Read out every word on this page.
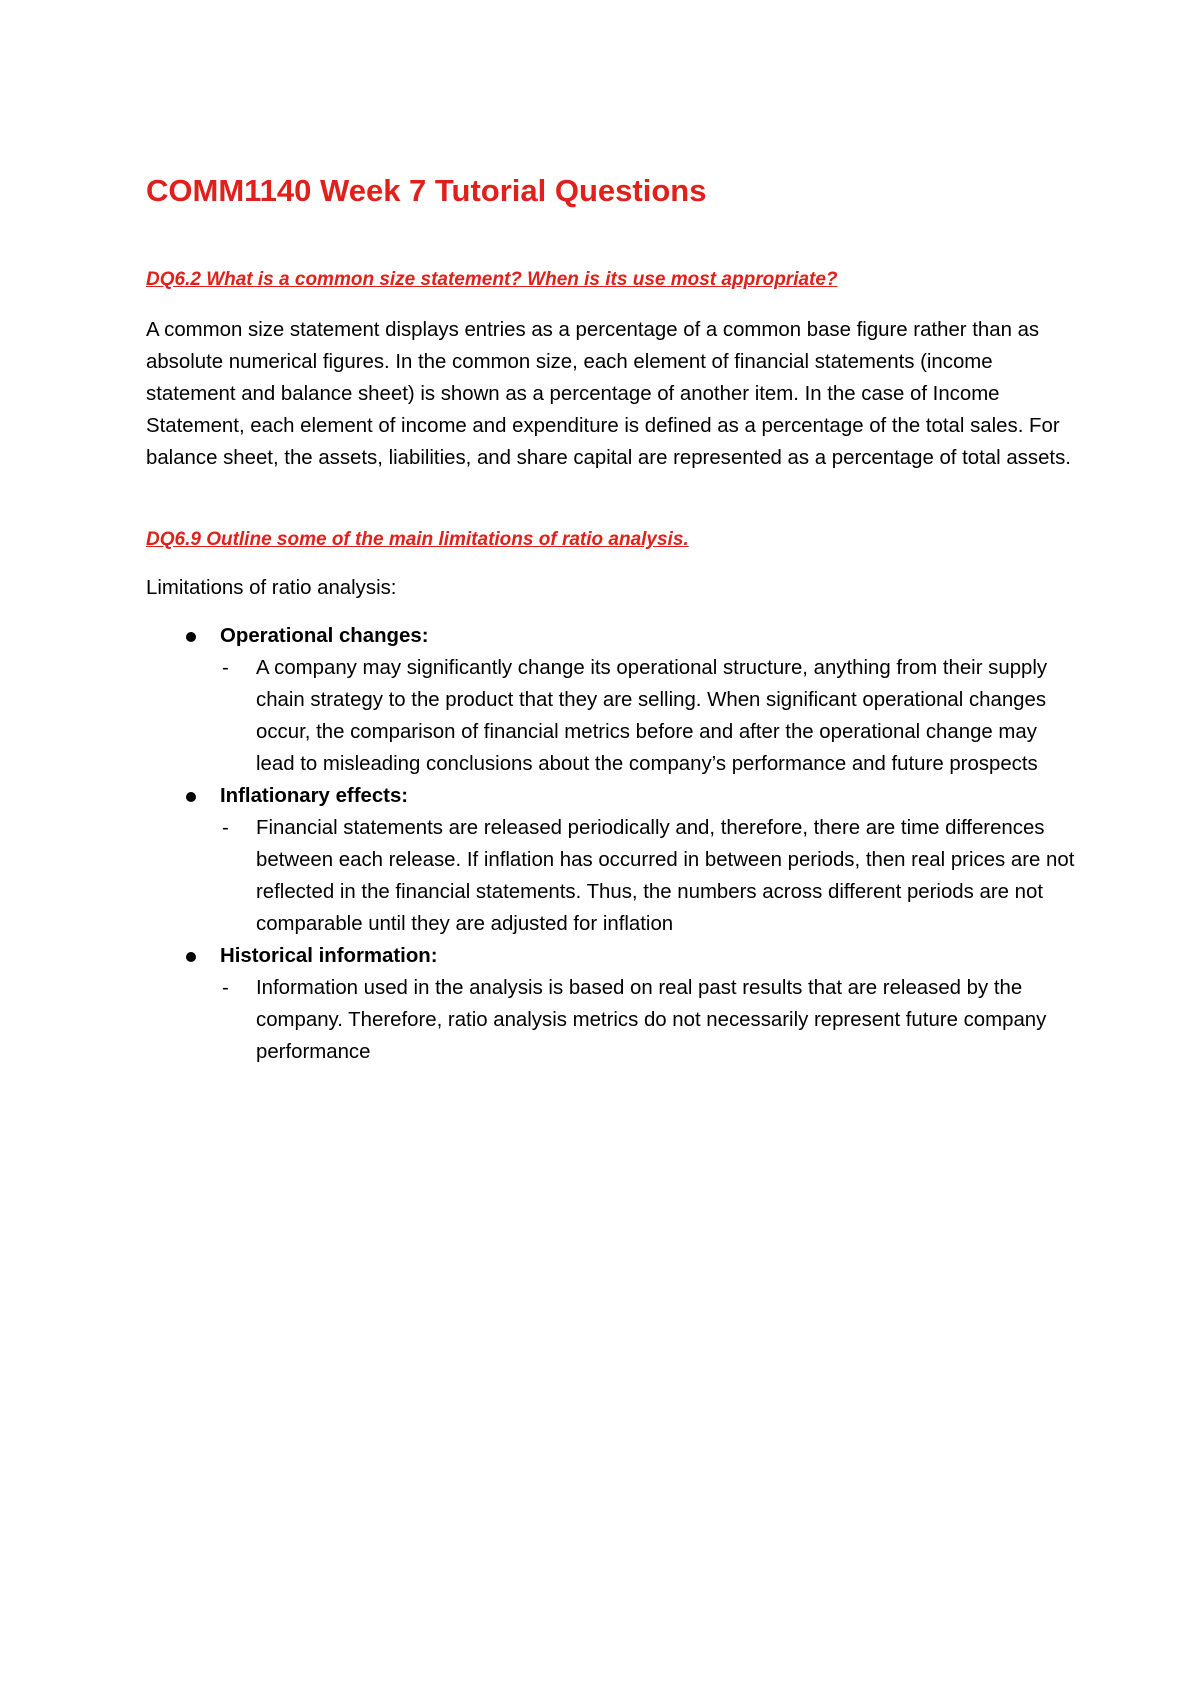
COMM1140 Week 7 Tutorial Questions

DQ6.2 What is a common size statement? When is its use most appropriate?

A common size statement displays entries as a percentage of a common base figure rather than as absolute numerical figures. In the common size, each element of financial statements (income statement and balance sheet) is shown as a percentage of another item. In the case of Income Statement, each element of income and expenditure is defined as a percentage of the total sales. For balance sheet, the assets, liabilities, and share capital are represented as a percentage of total assets.

DQ6.9 Outline some of the main limitations of ratio analysis.

Limitations of ratio analysis:

Operational changes:
- A company may significantly change its operational structure, anything from their supply chain strategy to the product that they are selling. When significant operational changes occur, the comparison of financial metrics before and after the operational change may lead to misleading conclusions about the company’s performance and future prospects
Inflationary effects:
- Financial statements are released periodically and, therefore, there are time differences between each release. If inflation has occurred in between periods, then real prices are not reflected in the financial statements. Thus, the numbers across different periods are not comparable until they are adjusted for inflation
Historical information:
- Information used in the analysis is based on real past results that are released by the company. Therefore, ratio analysis metrics do not necessarily represent future company performance
